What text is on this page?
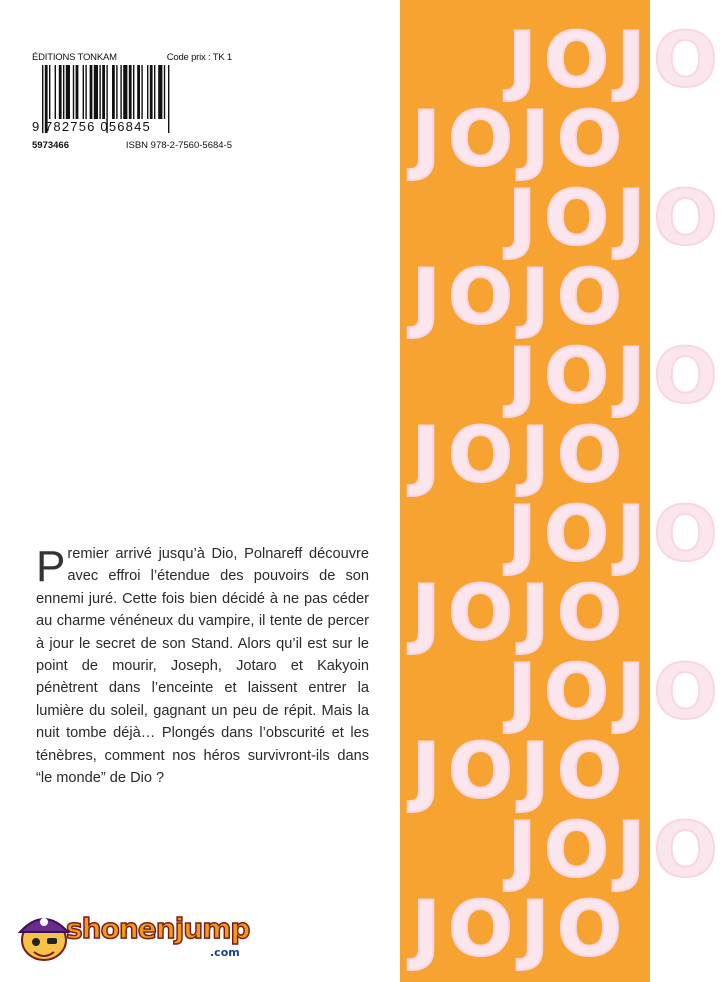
ÉDITIONS TONKAM	Code prix : TK 1
9 782756 056845
5973466	ISBN 978-2-7560-5684-5

Premier arrivé jusqu’à Dio, Polnareff découvre avec effroi l’étendue des pouvoirs de son ennemi juré. Cette fois bien décidé à ne pas céder au charme vénéneux du vampire, il tente de percer à jour le secret de son Stand. Alors qu’il est sur le point de mourir, Joseph, Jotaro et Kakyoin pénètrent dans l’enceinte et laissent entrer la lumière du soleil, gagnant un peu de répit. Mais la nuit tombe déjà… Plongés dans l’obscurité et les ténèbres, comment nos héros survivront-ils dans “le monde” de Dio ?

JOJO
JOJO
JOJO
JOJO
JOJO
JOJO
JOJO
JOJO
JOJO
JOJO
JOJO
JOJO
shonenjump
.com
